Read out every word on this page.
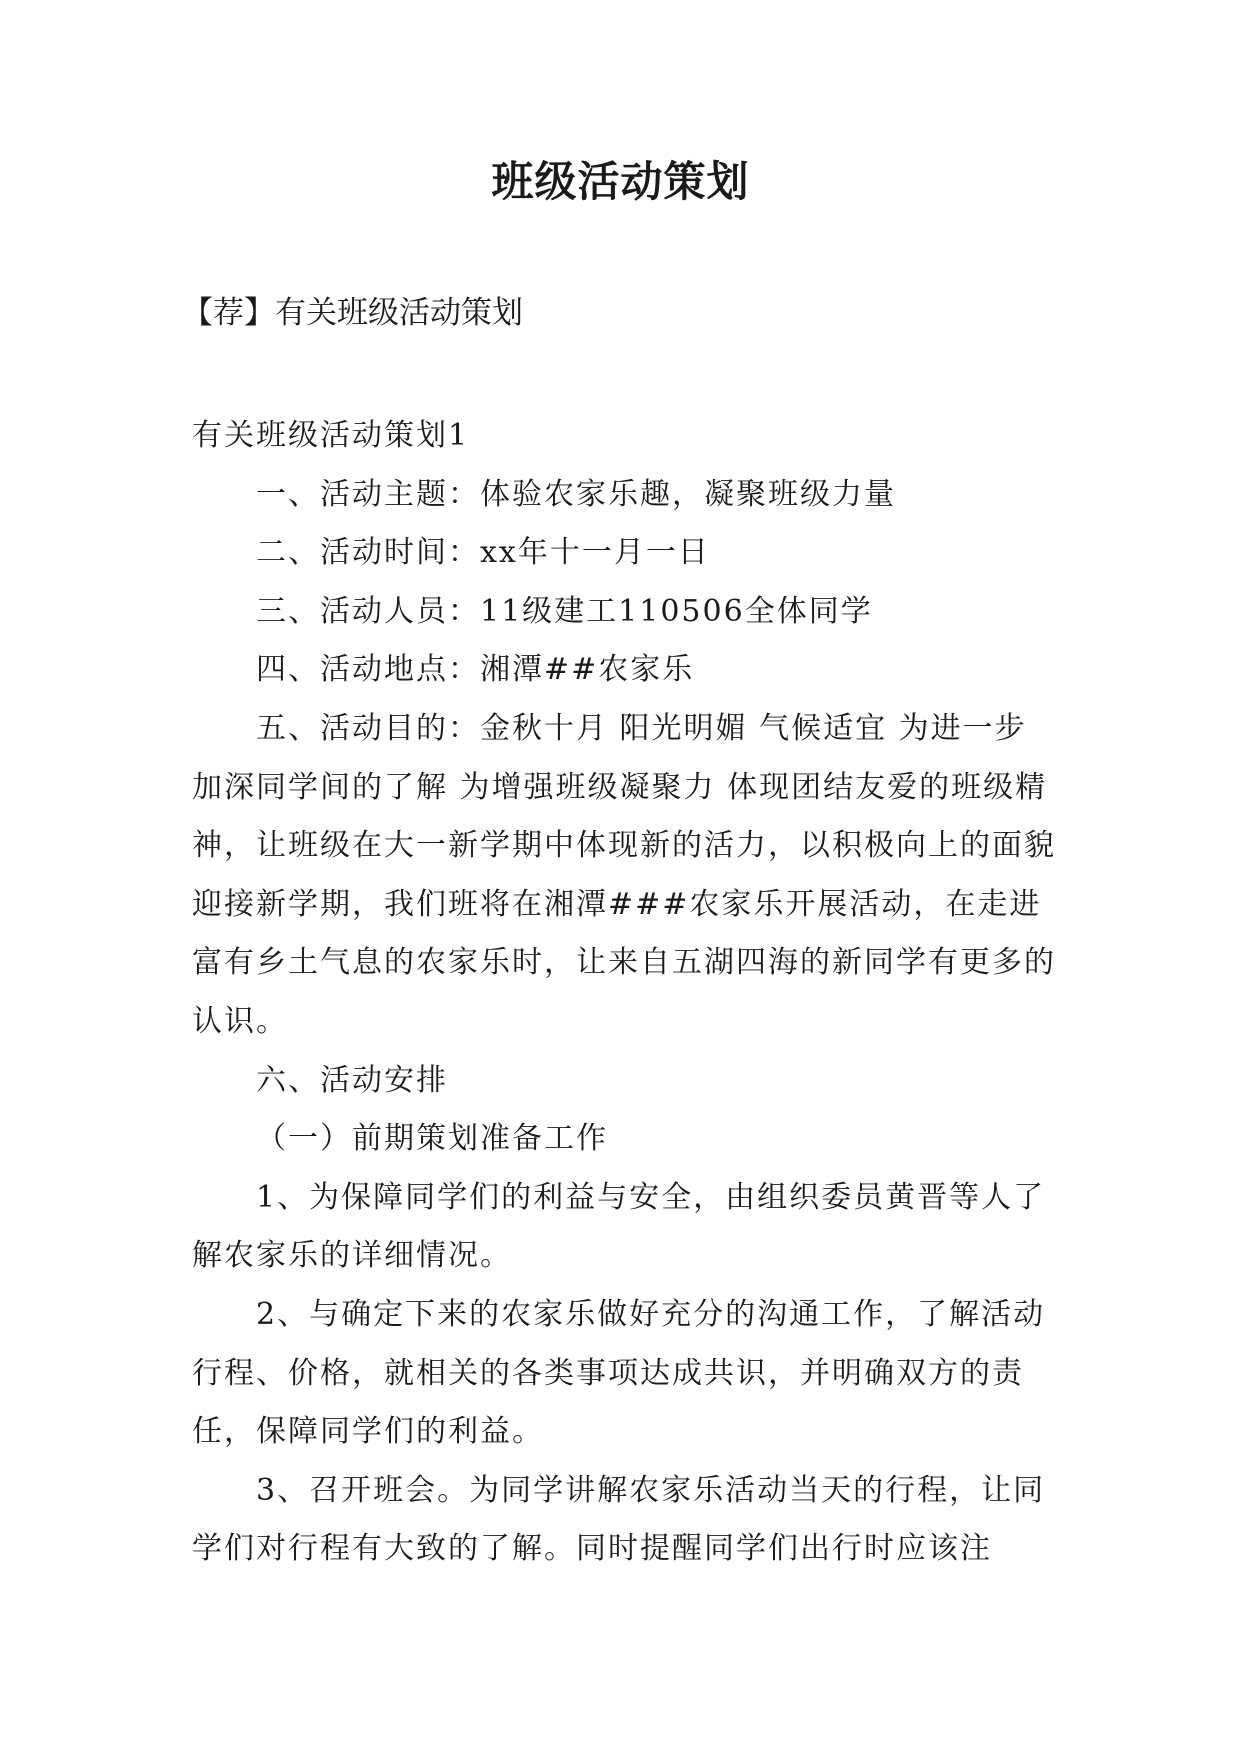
班级活动策划

【荐】有关班级活动策划

有关班级活动策划1

一、活动主题：体验农家乐趣，凝聚班级力量

二、活动时间：xx年十一月一日

三、活动人员：11级建工110506全体同学

四、活动地点：湘潭##农家乐

五、活动目的：金秋十月 阳光明媚 气候适宜 为进一步加深同学间的了解 为增强班级凝聚力 体现团结友爱的班级精神，让班级在大一新学期中体现新的活力，以积极向上的面貌迎接新学期，我们班将在湘潭###农家乐开展活动，在走进富有乡土气息的农家乐时，让来自五湖四海的新同学有更多的认识。

六、活动安排

（一）前期策划准备工作

1、为保障同学们的利益与安全，由组织委员黄晋等人了解农家乐的详细情况。

2、与确定下来的农家乐做好充分的沟通工作，了解活动行程、价格，就相关的各类事项达成共识，并明确双方的责任，保障同学们的利益。

3、召开班会。为同学讲解农家乐活动当天的行程，让同学们对行程有大致的了解。同时提醒同学们出行时应该注
